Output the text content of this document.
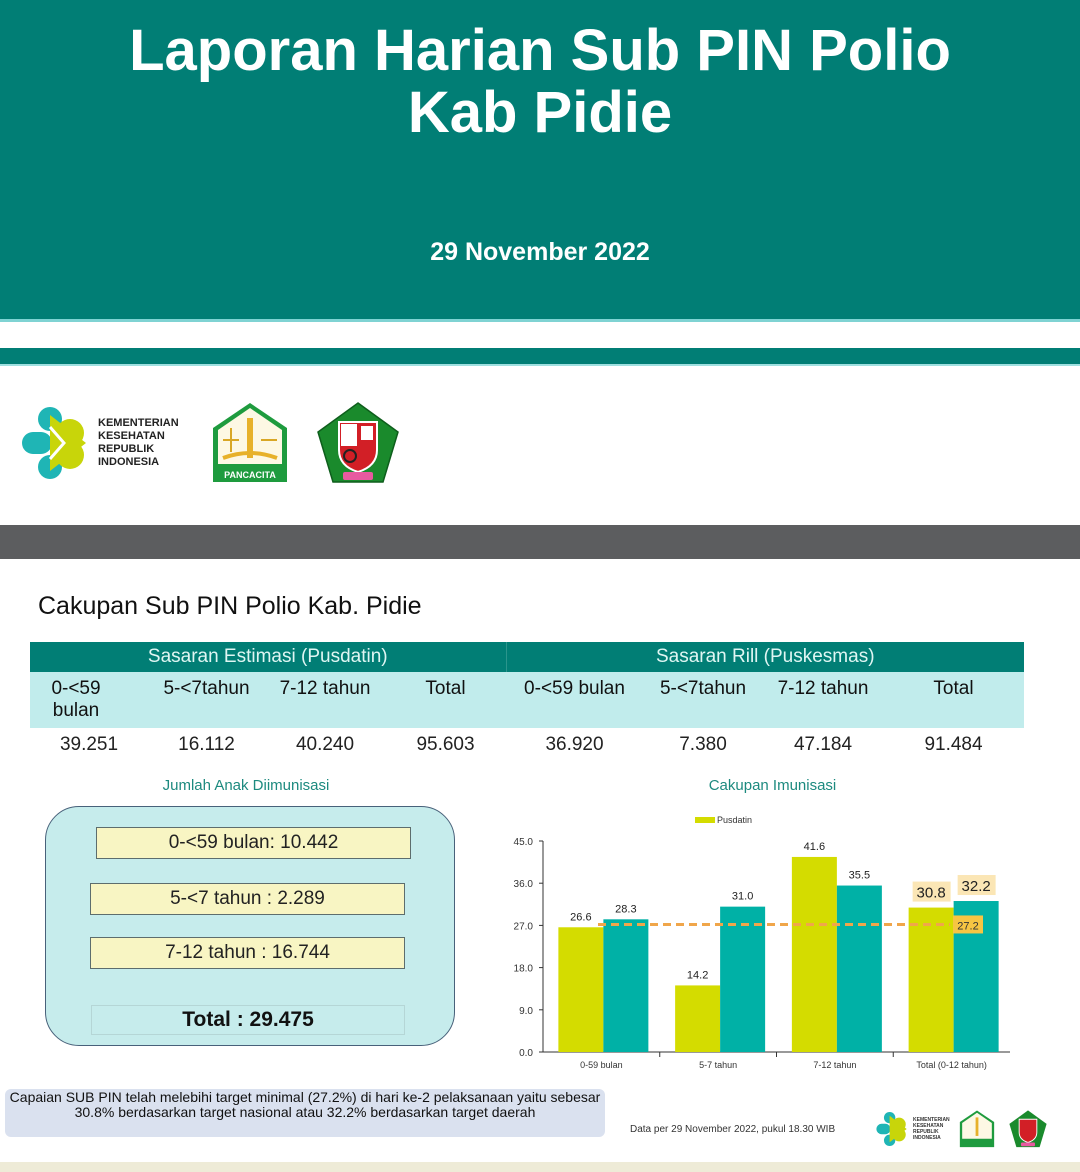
Laporan Harian Sub PIN Polio
Kab Pidie
29 November 2022
KEMENTERIAN
KESEHATAN
REPUBLIK
INDONESIA
PANCACITA
Cakupan Sub PIN Polio Kab. Pidie
Sasaran Estimasi (Pusdatin)				Sasaran Rill (Puskesmas)			
0-<59 bulan	5-<7tahun	7-12 tahun	Total	0-<59 bulan	5-<7tahun	7-12 tahun	Total
39.251	16.112	40.240	95.603	36.920	7.380	47.184	91.484
Jumlah Anak Diimunisasi
0-<59 bulan: 10.442
5-<7 tahun : 2.289
7-12 tahun : 16.744
Total : 29.475
Cakupan Imunisasi
Pusdatin
0.0
9.0
18.0
27.0
36.0
45.0
26.6
28.3
0-59 bulan
14.2
31.0
5-7 tahun
41.6
35.5
7-12 tahun
30.8 32.2
Total (0-12 tahun)
27.2
Capaian SUB PIN telah melebihi target minimal (27.2%) di hari ke-2 pelaksanaan yaitu sebesar 30.8% berdasarkan target nasional atau 32.2% berdasarkan target daerah
Data per 29 November 2022, pukul 18.30 WIB
KEMENTERIAN
KESEHATAN
REPUBLIK
INDONESIA
